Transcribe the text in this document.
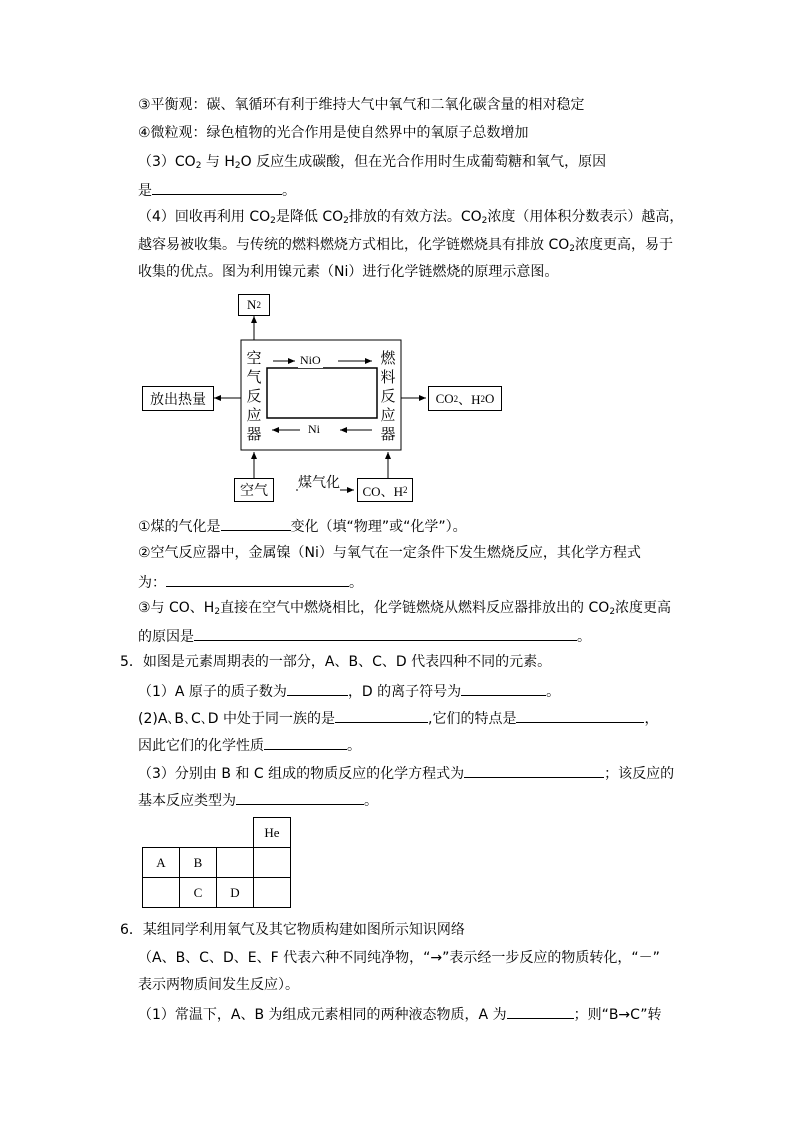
③平衡观：碳、氧循环有利于维持大气中氧气和二氧化碳含量的相对稳定
④微粒观：绿色植物的光合作用是使自然界中的氧原子总数增加
$(3)CO_2$ 与 $H_2O$ 反应生成碳酸，但在光合作用时生成葡萄糖和氧气，原因
是	。
（4）回收再利用 $CO_2$是降低 $CO_2$排放的有效方法。$CO_2$浓度（用体积分数表示）越高，
越容易被收集。与传统的燃料燃烧方式相比，化学链燃烧具有排放 $CO_2$浓度更高，易于
收集的优点。图为利用镍元素（Ni）进行化学链燃烧的原理示意图。
N 2
空
气
反
应
器
燃
料
反
应
器
NiO
Ni
放出热量	CO 2 、H 2 O
空气	煤气化 CO、H 2
①煤的气化是	变化（填“物理”或“化学”）。
②空气反应器中，金属镍（Ni）与氧气在一定条件下发生燃烧反应，其化学方程式
为：	。
③与 CO、$H_2$直接在空气中燃烧相比，化学链燃烧从燃料反应器排放出的 $CO_2$浓度更高
的原因是	。
5．如图是元素周期表的一部分，A、B、C、D 代表四种不同的元素。
（1）A 原子的质子数为	，D 的离子符号为	。
(2)A､B､C､D 中处于同一族的是	,它们的特点是	，
因此它们的化学性质	。
（3）分别由 B 和 C 组成的物质反应的化学方程式为	；该反应的
基本反应类型为	。
			He
A	B		
	C	D	
6．某组同学利用氧气及其它物质构建如图所示知识网络
（A、B、C、D、E、F 代表六种不同纯净物，“→”表示经一步反应的物质转化，“－”
表示两物质间发生反应）。
（1）常温下，A、B 为组成元素相同的两种液态物质，A 为	；则“B→C”转
